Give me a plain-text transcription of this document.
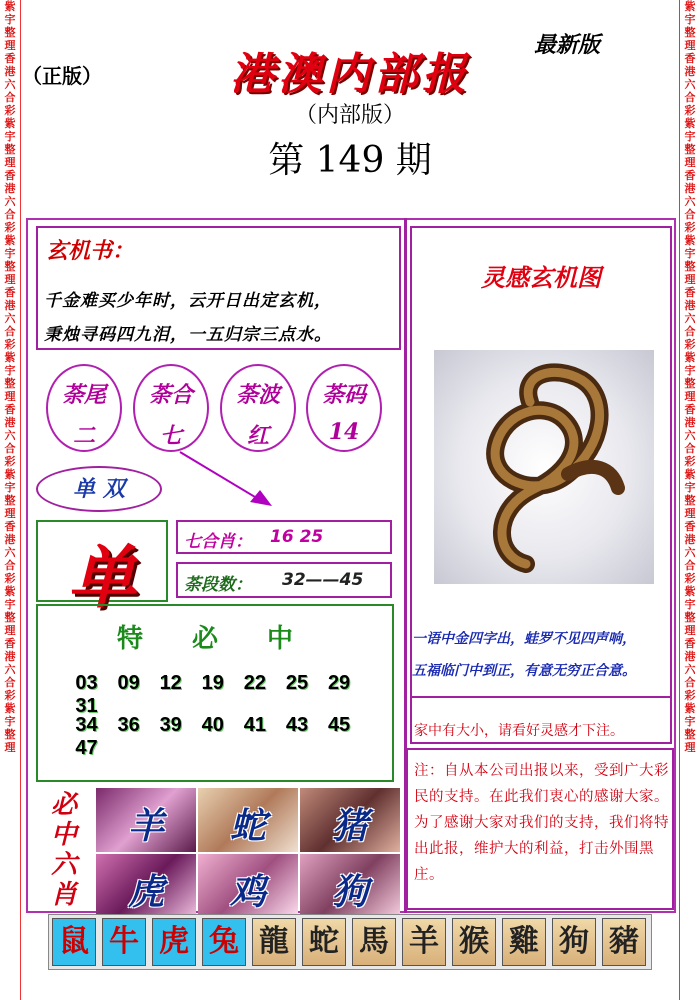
紫宇整理香港六合彩紫宇整理香港六合彩紫宇整理香港六合彩紫宇整理香港六合彩紫宇整理香港六合彩紫宇整理香港六合彩紫宇整理
紫宇整理香港六合彩紫宇整理香港六合彩紫宇整理香港六合彩紫宇整理香港六合彩紫宇整理香港六合彩紫宇整理香港六合彩紫宇整理
（正版）
最新版
港澳内部报
（内部版）
第 149 期
玄机书：
千金难买少年时，云开日出定玄机，
秉烛寻码四九泪，一五归宗三点水。
荼尾
二
荼合
七
荼波
红
荼码
14
单 双
单	七合肖： 16 25
荼段数： 32——45
特 必 中
03 09 12 19 22 25 29 31
34 36 39 40 41 43 45 47
必中六肖
羊	蛇	猪
虎	鸡	狗
灵感玄机图
一语中金四字出，蛙罗不见四声响，
五福临门中到正，有意无穷正合意。
家中有大小，请看好灵感才下注。
注：自从本公司出报以来，受到广大彩民的支持。在此我们衷心的感谢大家。为了感谢大家对我们的支持，我们将特出此报，维护大的利益，打击外围黑庄。
鼠 牛 虎 兔 龍 蛇 馬 羊 猴 雞 狗 豬
